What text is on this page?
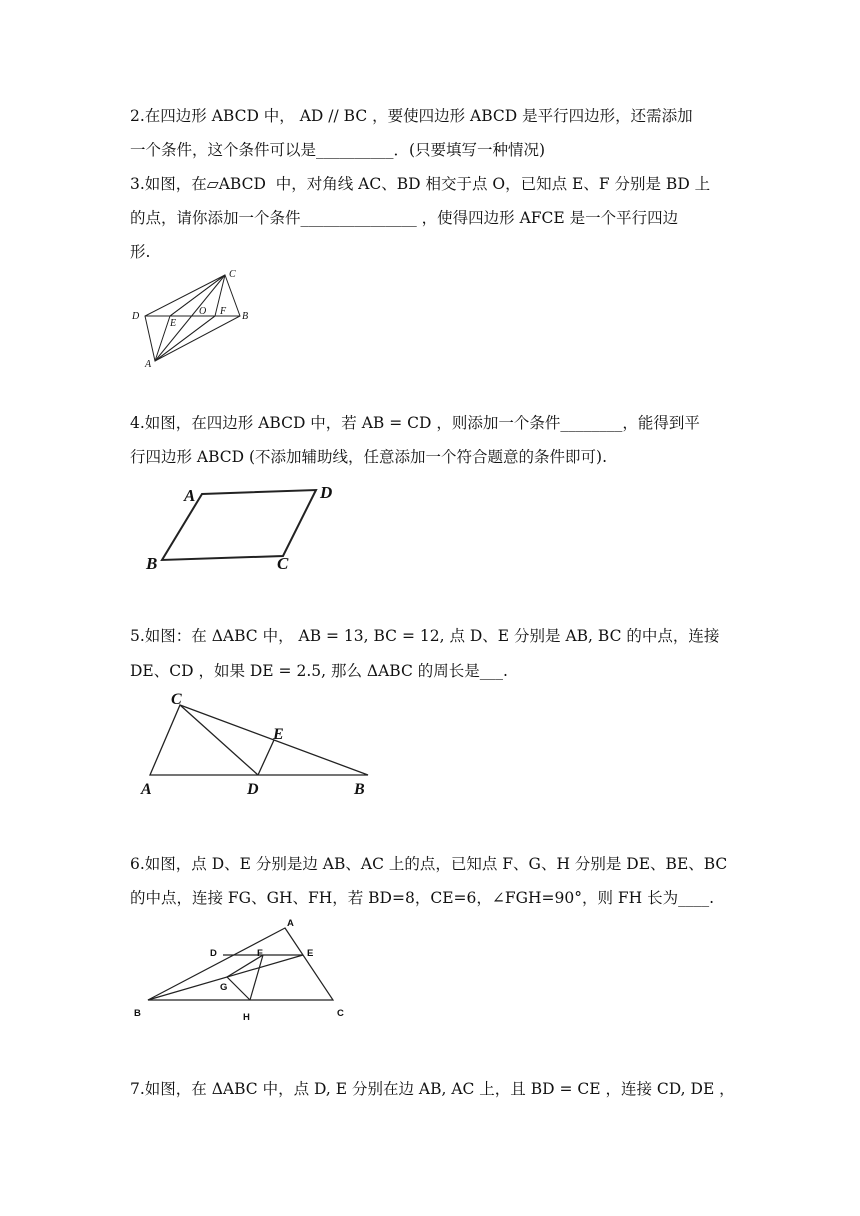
2.在四边形 ABCD 中， AD // BC ，要使四边形 ABCD 是平行四边形，还需添加
一个条件，这个条件可以是__________．(只要填写一种情况)
3.如图，在▱ABCD  中，对角线 AC、BD 相交于点 O，已知点 E、F 分别是 BD 上
的点，请你添加一个条件_______________ ，使得四边形 AFCE 是一个平行四边
形.
C
B
D
A
E
O F
4.如图，在四边形 ABCD 中，若 AB = CD ，则添加一个条件________，能得到平
行四边形 ABCD (不添加辅助线，任意添加一个符合题意的条件即可).
A	D
C
B
5.如图：在 ΔABC 中， AB = 13, BC = 12, 点 D、E 分别是 AB, BC 的中点，连接
DE、CD ，如果 DE = 2.5, 那么 ΔABC 的周长是___.
C
E
A	D	B
6.如图，点 D、E 分别是边 AB、AC 上的点，已知点 F、G、H 分别是 DE、BE、BC
的中点，连接 FG、GH、FH，若 BD=8，CE=6，∠FGH=90°，则 FH 长为____.
A
D	F	E
G
B	H	C
7.如图，在 ΔABC 中，点 D, E 分别在边 AB, AC 上，且 BD = CE ，连接 CD, DE ，
